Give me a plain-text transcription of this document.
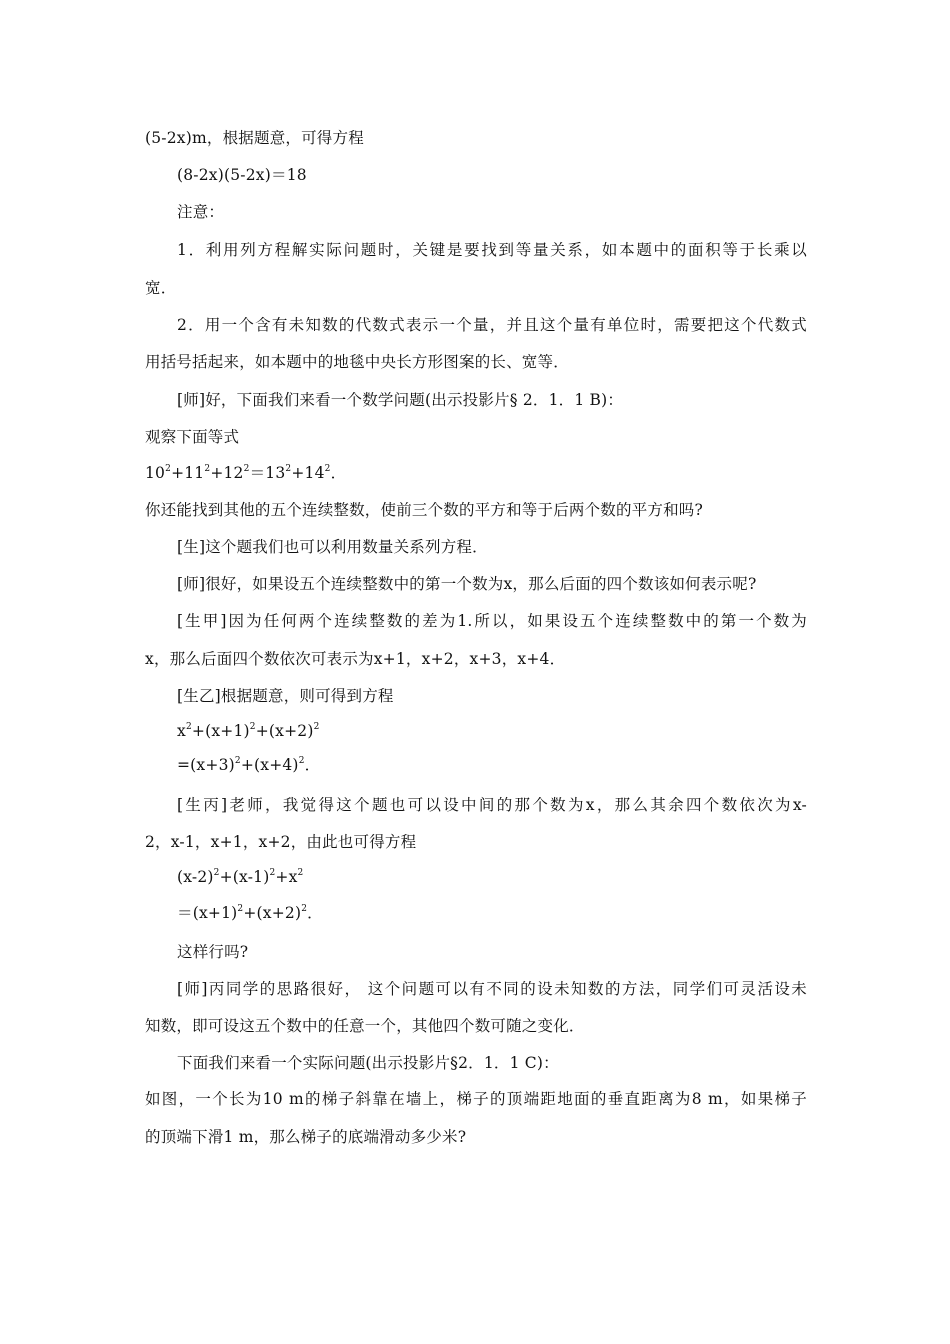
(5-2x)m，根据题意，可得方程
(8-2x)(5-2x)＝18
注意：
1．利用列方程解实际问题时，关键是要找到等量关系，如本题中的面积等于长乘以
宽．
2．用一个含有未知数的代数式表示一个量，并且这个量有单位时，需要把这个代数式
用括号括起来，如本题中的地毯中央长方形图案的长、宽等．
[师]好，下面我们来看一个数学问题(出示投影片§ 2．1．1 B)：
观察下面等式
$10^2+11^2+12^2=13^2+14^2$．
你还能找到其他的五个连续整数，使前三个数的平方和等于后两个数的平方和吗?
[生]这个题我们也可以利用数量关系列方程．
[师]很好，如果设五个连续整数中的第一个数为x，那么后面的四个数该如何表示呢?
[生甲]因为任何两个连续整数的差为1.所以，如果设五个连续整数中的第一个数为
x，那么后面四个数依次可表示为x+1，x+2，x+3，x+4．
[生乙]根据题意，则可得到方程
$x^2+(x+1)^2+(x+2)^2$
$=(x+3)^2+(x+4)^2$．
[生丙]老师，我觉得这个题也可以设中间的那个数为x，那么其余四个数依次为x-
2，x-1，x+1，x+2，由此也可得方程
$(x-2)^2+(x-1)^2+x^2$
$=(x+1)^2+(x+2)^2$．
这样行吗?
[师]丙同学的思路很好， 这个问题可以有不同的设未知数的方法，同学们可灵活设未
知数，即可设这五个数中的任意一个，其他四个数可随之变化．
下面我们来看一个实际问题(出示投影片§2．1．1 C)：
如图，一个长为10 m的梯子斜靠在墙上，梯子的顶端距地面的垂直距离为8 m，如果梯子
的顶端下滑1 m，那么梯子的底端滑动多少米?
